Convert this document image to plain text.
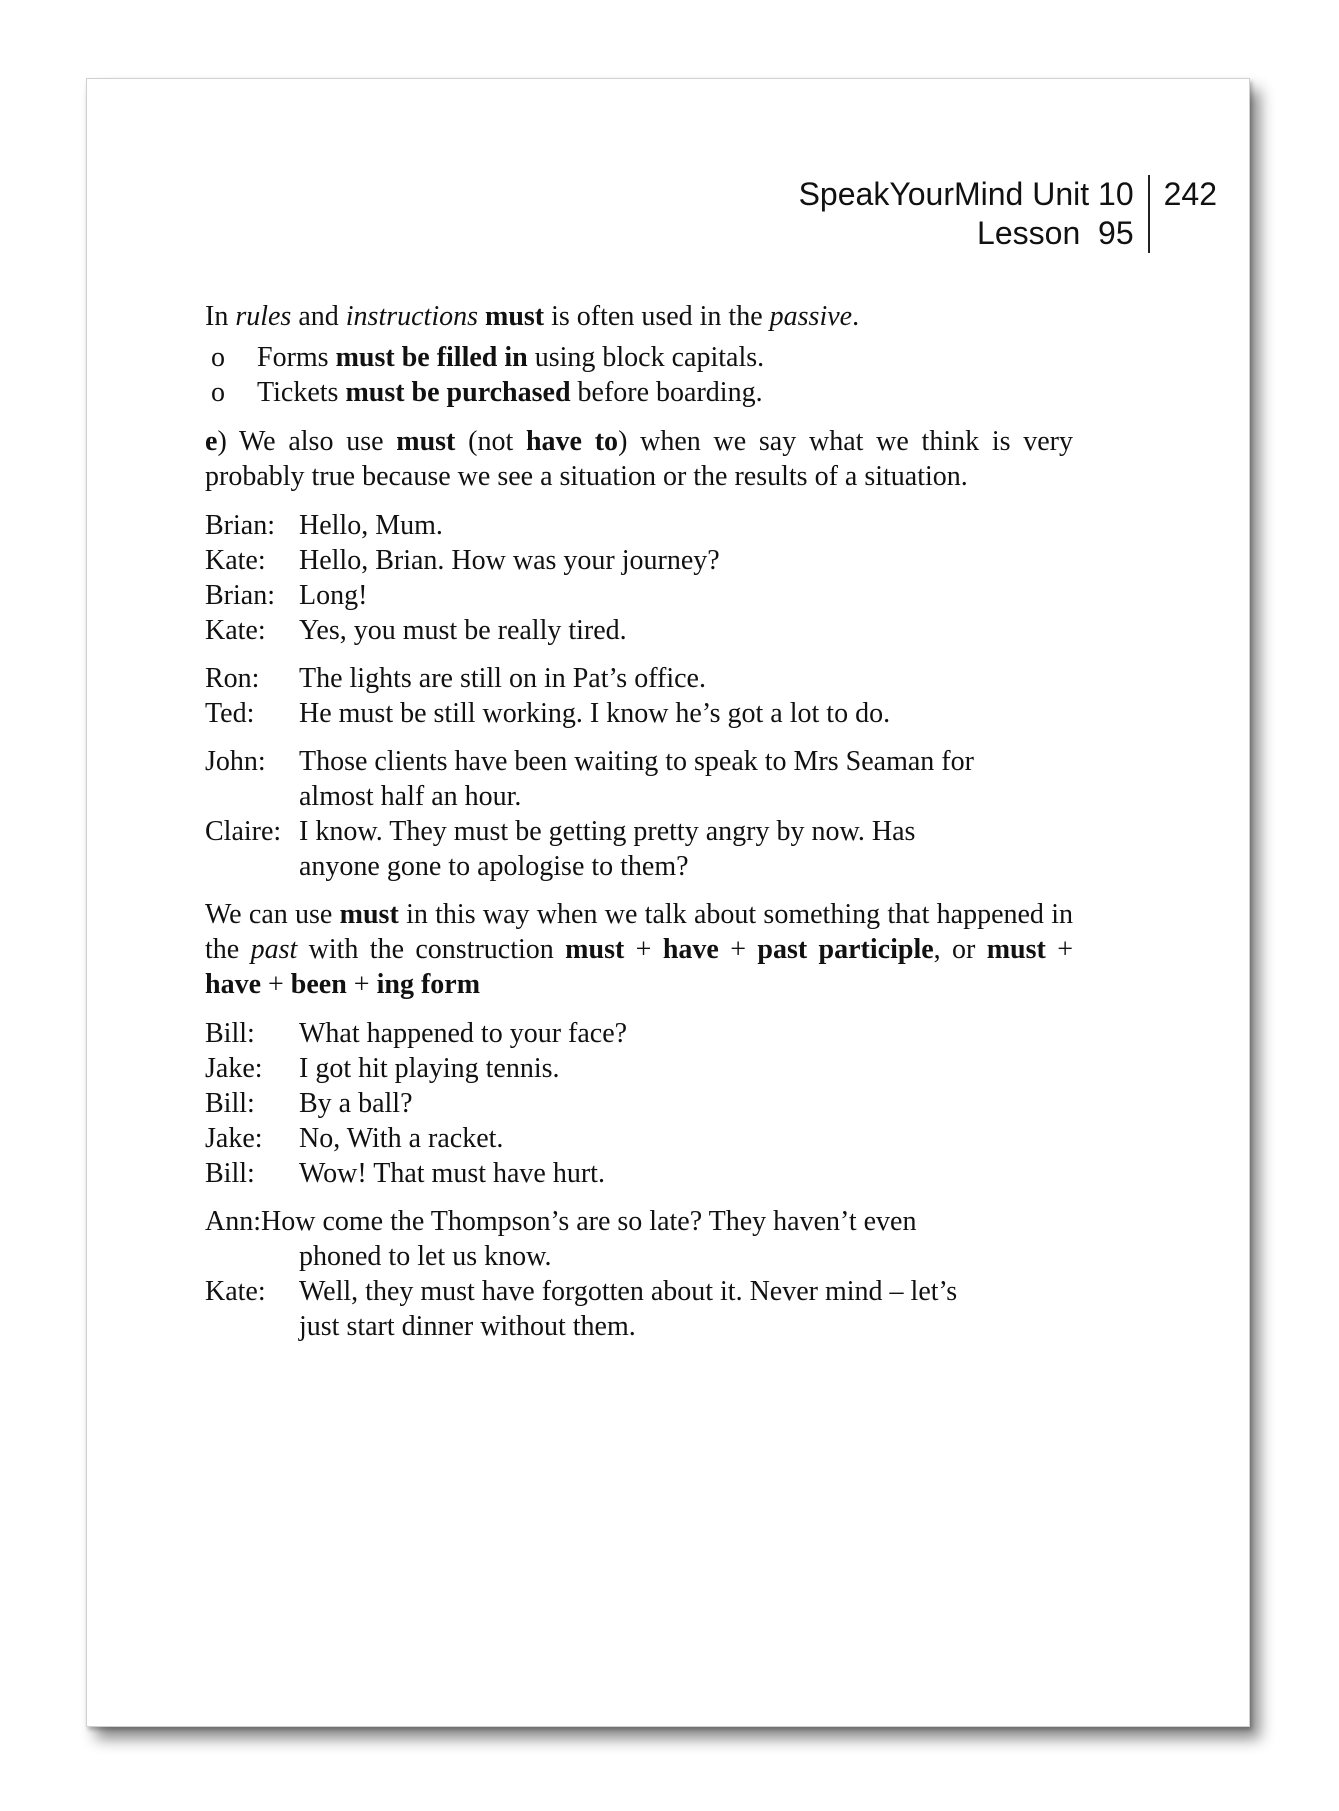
SpeakYourMind Unit 10
Lesson  95
242

In rules and instructions must is often used in the passive.

o	Forms must be filled in using block capitals.
o	Tickets must be purchased before boarding.

e) We also use must (not have to) when we say what we think is very probably true because we see a situation or the results of a situation.

Brian: Hello, Mum.
Kate:	Hello, Brian. How was your journey?
Brian: Long!
Kate:	Yes, you must be really tired.
Ron:	The lights are still on in Pat’s office.
Ted:	He must be still working. I know he’s got a lot to do.
John:	Those clients have been waiting to speak to Mrs Seaman for
almost half an hour.
Claire: I know. They must be getting pretty angry by now. Has
anyone gone to apologise to them?

We can use must in this way when we talk about something that happened in the past with the construction must + have + past participle, or must + have + been + ing form

Bill:	What happened to your face?
Jake:	I got hit playing tennis.
Bill:	By a ball?
Jake:	No, With a racket.
Bill:	Wow! That must have hurt.
Ann:How come the Thompson’s are so late? They haven’t even
phoned to let us know.
Kate:	Well, they must have forgotten about it. Never mind – let’s
just start dinner without them.
